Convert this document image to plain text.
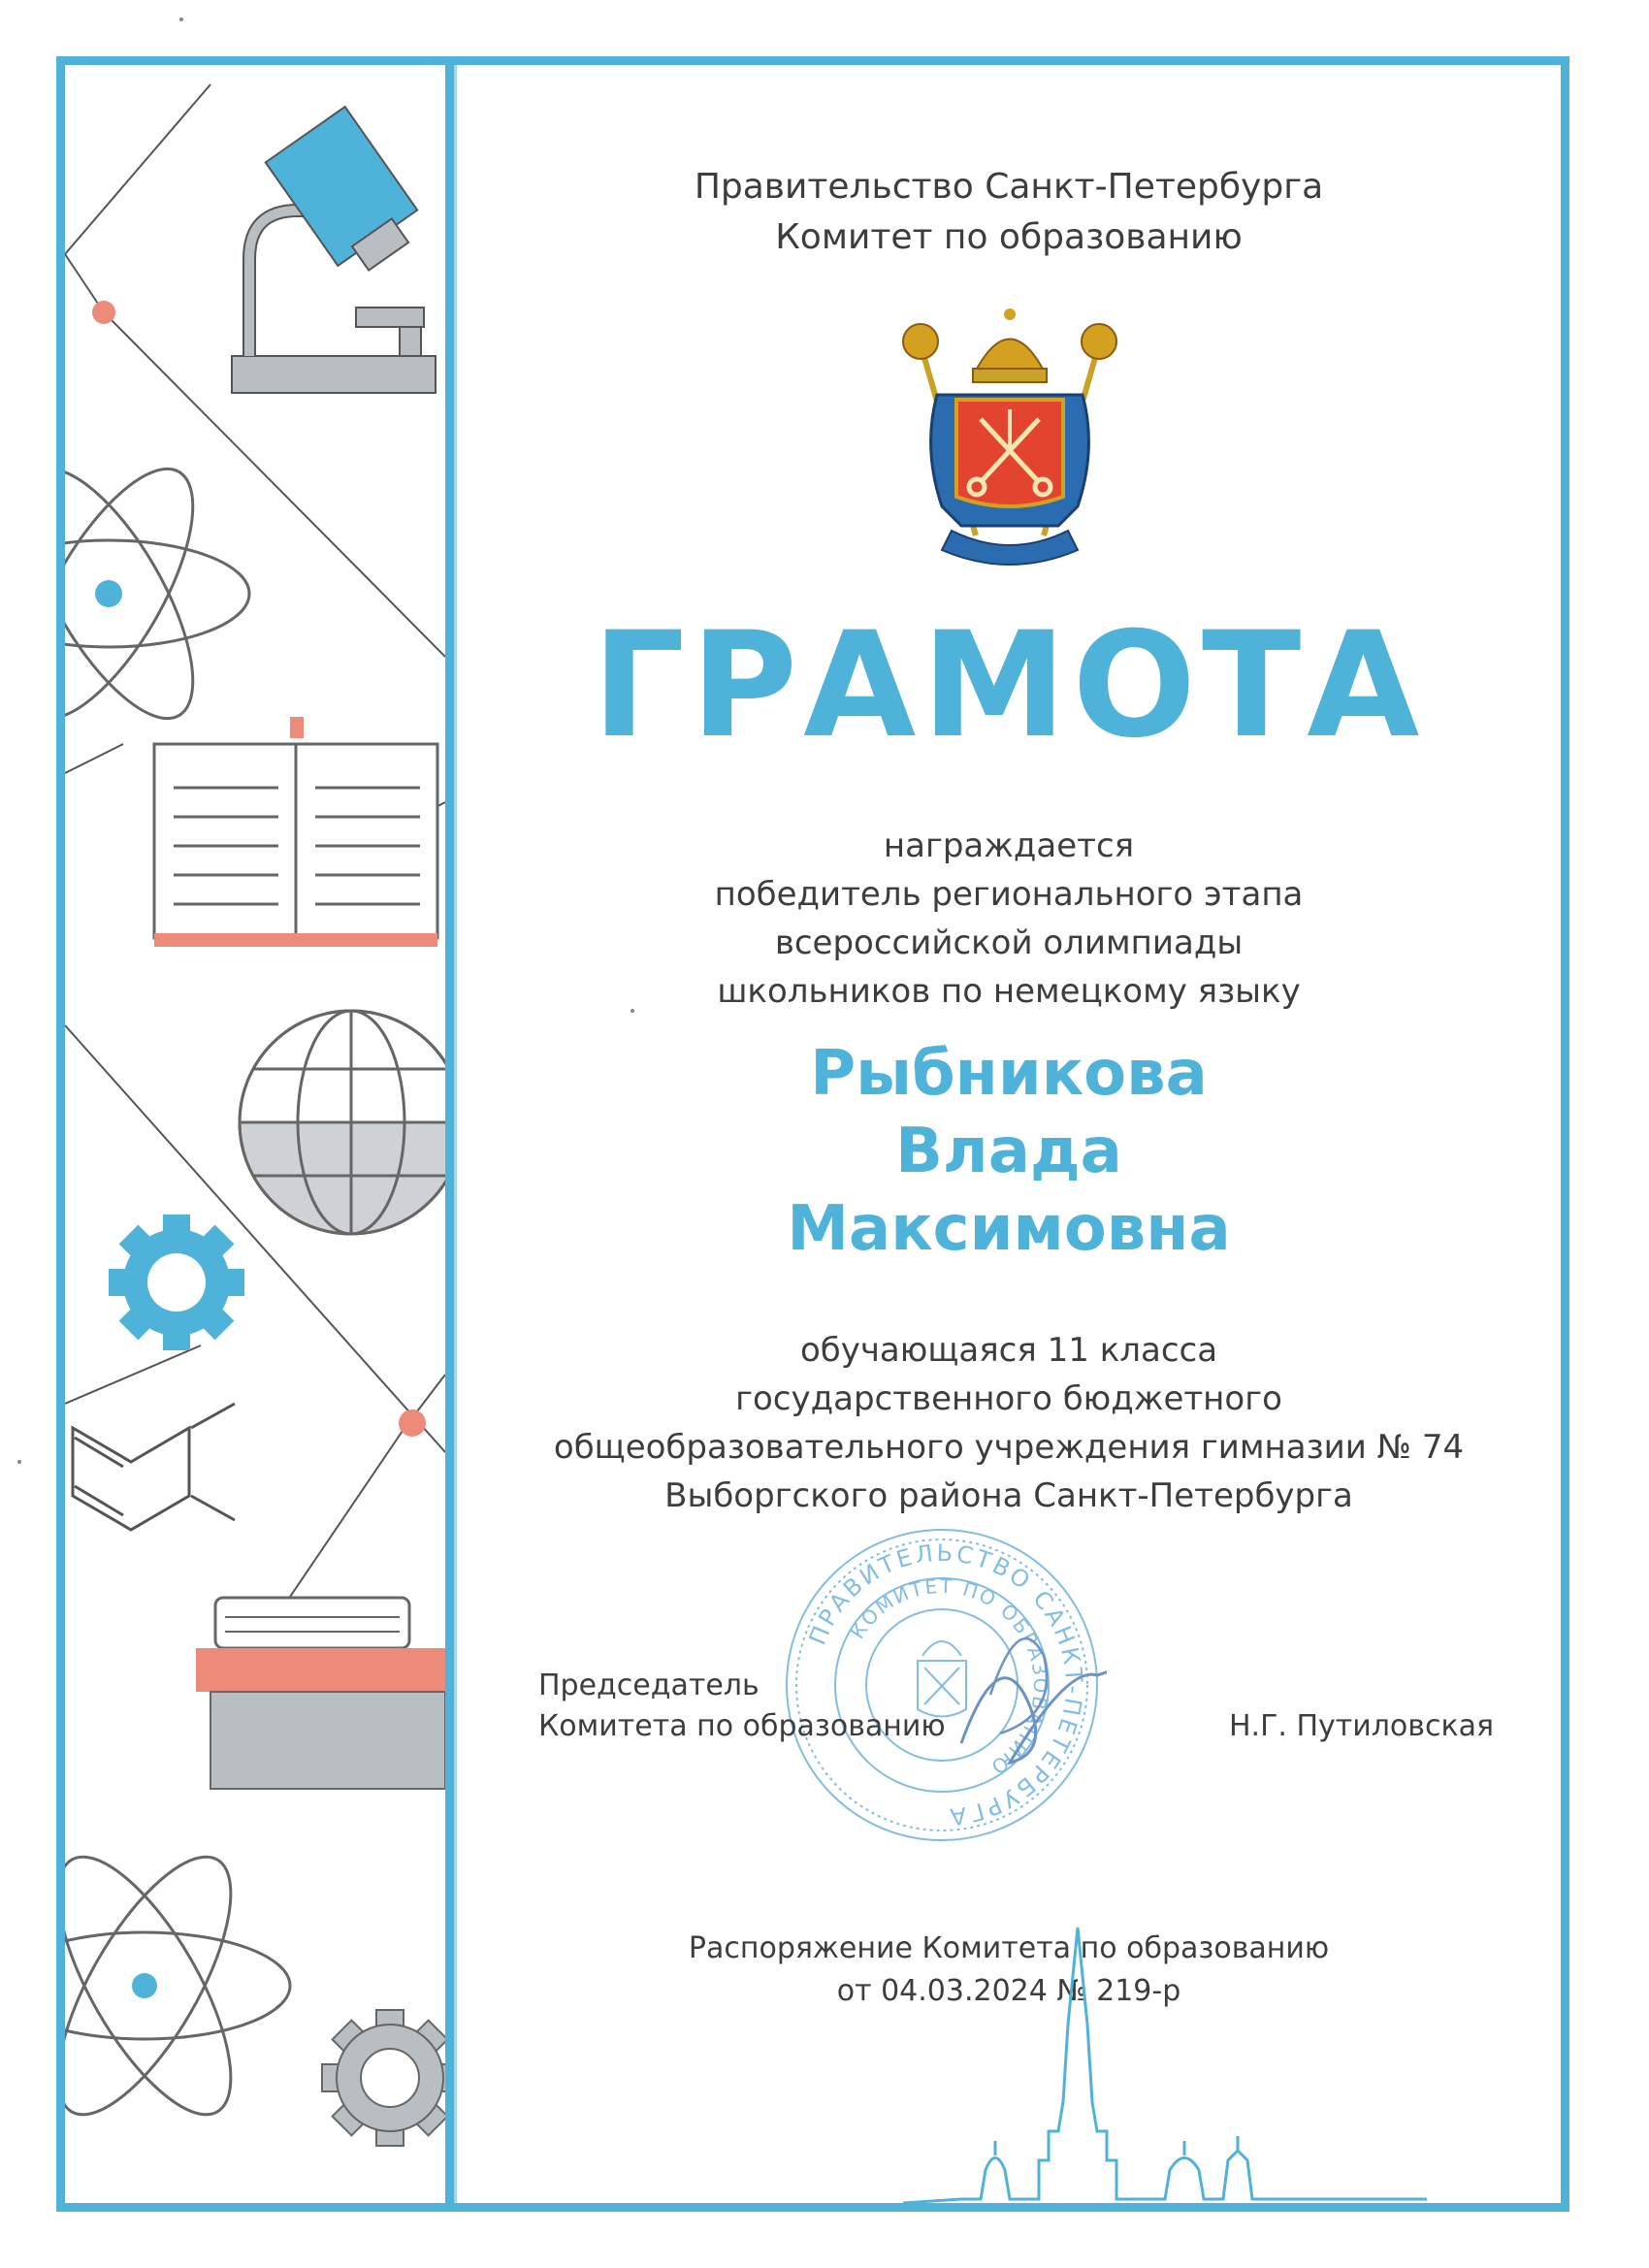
Правительство Санкт-Петербурга
Комитет по образованию
ГРАМОТА
награждается
победитель регионального этапа
всероссийской олимпиады
школьников по немецкому языку
Рыбникова
Влада
Максимовна
обучающаяся 11 класса
государственного бюджетного
общеобразовательного учреждения гимназии № 74
Выборгского района Санкт-Петербурга
ПРАВИТЕЛЬСТВО САНКТ-ПЕТЕРБУРГА
КОМИТЕТ ПО ОБРАЗОВАНИЮ
Председатель
Комитета по образованию	Н.Г. Путиловская
Распоряжение Комитета по образованию
от 04.03.2024 № 219-р
